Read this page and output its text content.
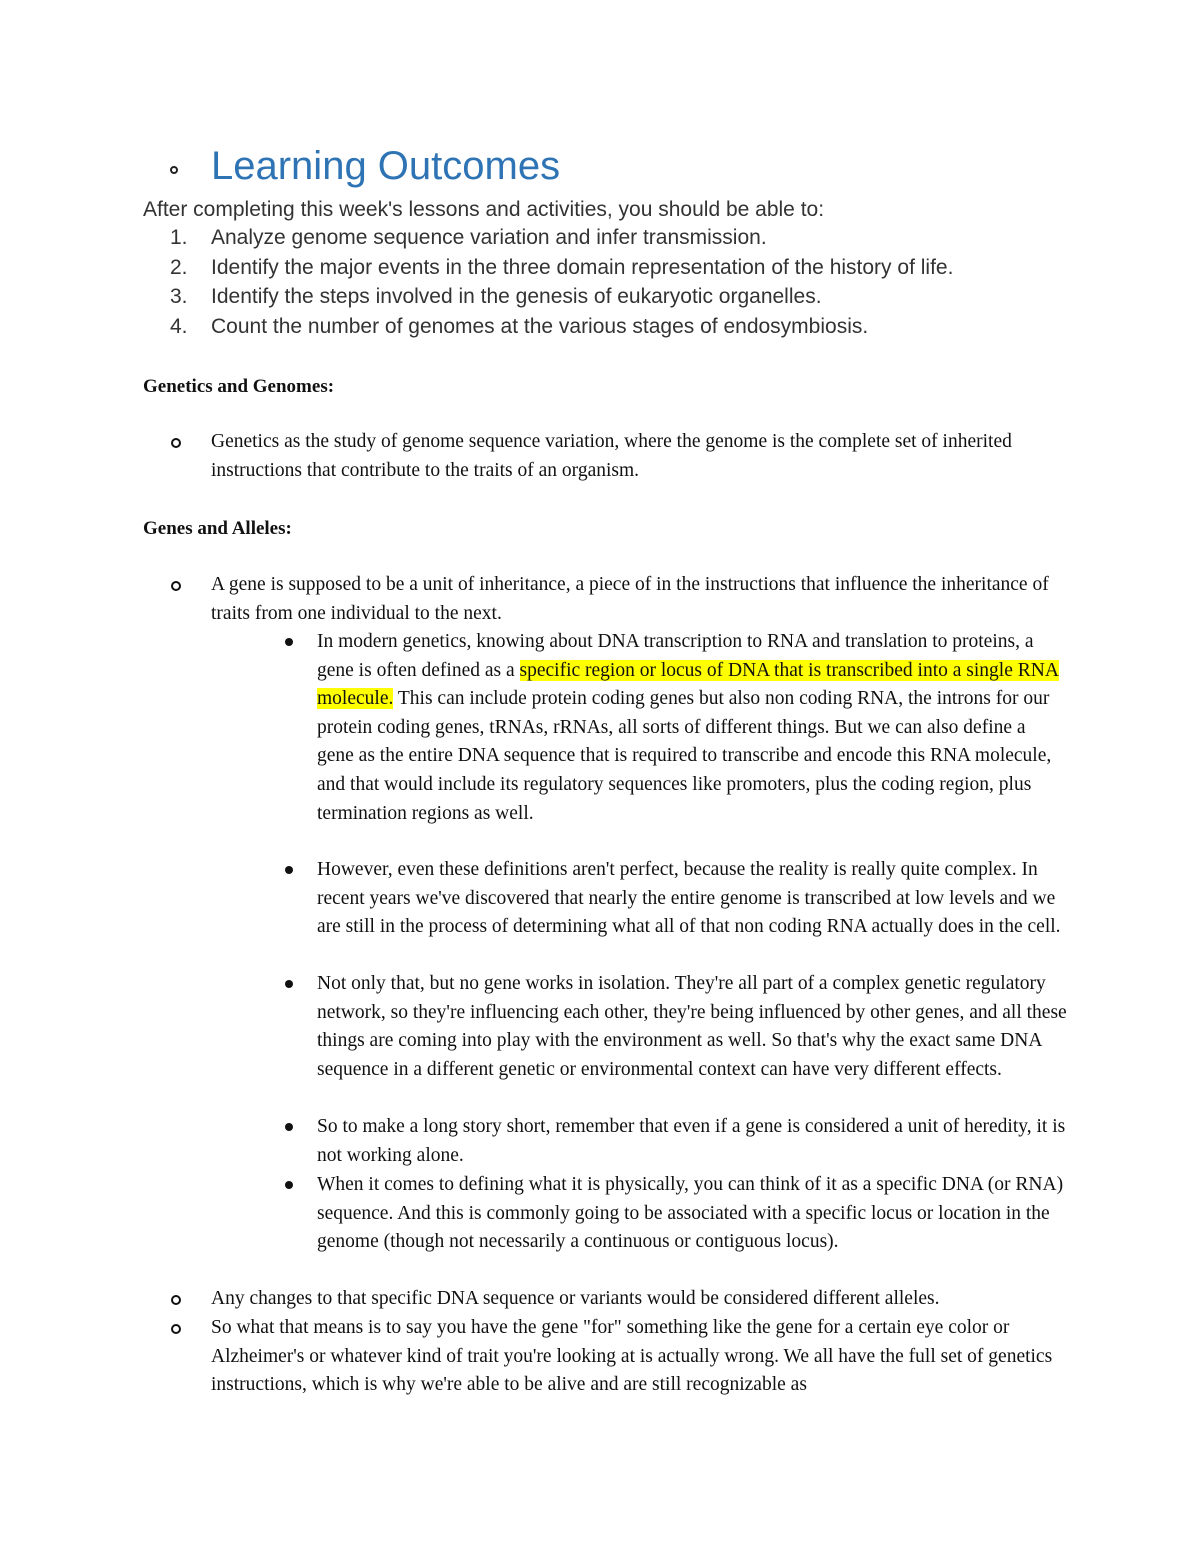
Learning Outcomes
After completing this week's lessons and activities, you should be able to:
1.	Analyze genome sequence variation and infer transmission.
2.	Identify the major events in the three domain representation of the history of life.
3.	Identify the steps involved in the genesis of eukaryotic organelles.
4.	Count the number of genomes at the various stages of endosymbiosis.
Genetics and Genomes:
Genetics as the study of genome sequence variation, where the genome is the complete set of inherited instructions that contribute to the traits of an organism.
Genes and Alleles:
A gene is supposed to be a unit of inheritance, a piece of in the instructions that influence the inheritance of traits from one individual to the next.
In modern genetics, knowing about DNA transcription to RNA and translation to proteins, a gene is often defined as a specific region or locus of DNA that is transcribed into a single RNA molecule. This can include protein coding genes but also non coding RNA, the introns for our protein coding genes, tRNAs, rRNAs, all sorts of different things. But we can also define a gene as the entire DNA sequence that is required to transcribe and encode this RNA molecule, and that would include its regulatory sequences like promoters, plus the coding region, plus termination regions as well.
However, even these definitions aren't perfect, because the reality is really quite complex. In recent years we've discovered that nearly the entire genome is transcribed at low levels and we are still in the process of determining what all of that non coding RNA actually does in the cell.
Not only that, but no gene works in isolation. They're all part of a complex genetic regulatory network, so they're influencing each other, they're being influenced by other genes, and all these things are coming into play with the environment as well. So that's why the exact same DNA sequence in a different genetic or environmental context can have very different effects.
So to make a long story short, remember that even if a gene is considered a unit of heredity, it is not working alone.
When it comes to defining what it is physically, you can think of it as a specific DNA (or RNA) sequence. And this is commonly going to be associated with a specific locus or location in the genome (though not necessarily a continuous or contiguous locus).
Any changes to that specific DNA sequence or variants would be considered different alleles.
So what that means is to say you have the gene "for" something like the gene for a certain eye color or Alzheimer's or whatever kind of trait you're looking at is actually wrong. We all have the full set of genetics instructions, which is why we're able to be alive and are still recognizable as
